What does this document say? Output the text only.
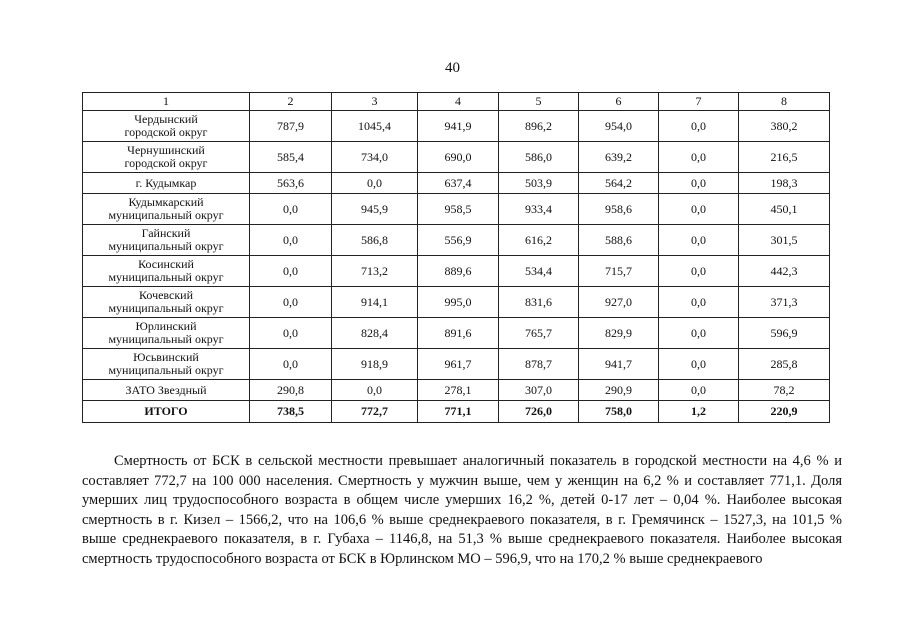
40
1	2	3	4	5	6	7	8

Чердынский
городской округ	787,9	1045,4	941,9	896,2	954,0	0,0	380,2

Чернушинский
городской округ	585,4	734,0	690,0	586,0	639,2	0,0	216,5

г. Кудымкар	563,6	0,0	637,4	503,9	564,2	0,0	198,3

Кудымкарский
муниципальный округ	0,0	945,9	958,5	933,4	958,6	0,0	450,1

Гайнский
муниципальный округ	0,0	586,8	556,9	616,2	588,6	0,0	301,5

Косинский
муниципальный округ	0,0	713,2	889,6	534,4	715,7	0,0	442,3

Кочевский
муниципальный округ	0,0	914,1	995,0	831,6	927,0	0,0	371,3

Юрлинский
муниципальный округ	0,0	828,4	891,6	765,7	829,9	0,0	596,9

Юсьвинский
муниципальный округ	0,0	918,9	961,7	878,7	941,7	0,0	285,8

ЗАТО Звездный	290,8	0,0	278,1	307,0	290,9	0,0	78,2
ИТОГО	738,5	772,7	771,1	726,0	758,0	1,2	220,9

Смертность от БСК в сельской местности превышает аналогичный показатель в городской местности на 4,6 % и составляет 772,7 на 100 000 населения. Смертность у мужчин выше, чем у женщин на 6,2 % и составляет 771,1. Доля умерших лиц трудоспособного возраста в общем числе умерших 16,2 %, детей 0-17 лет – 0,04 %. Наиболее высокая смертность в г. Кизел – 1566,2, что на 106,6 % выше среднекраевого показателя, в г. Гремячинск – 1527,3, на 101,5 % выше среднекраевого показателя, в г. Губаха – 1146,8, на 51,3 % выше среднекраевого показателя. Наиболее высокая смертность трудоспособного возраста от БСК в Юрлинском МО – 596,9, что на 170,2 % выше среднекраевого
